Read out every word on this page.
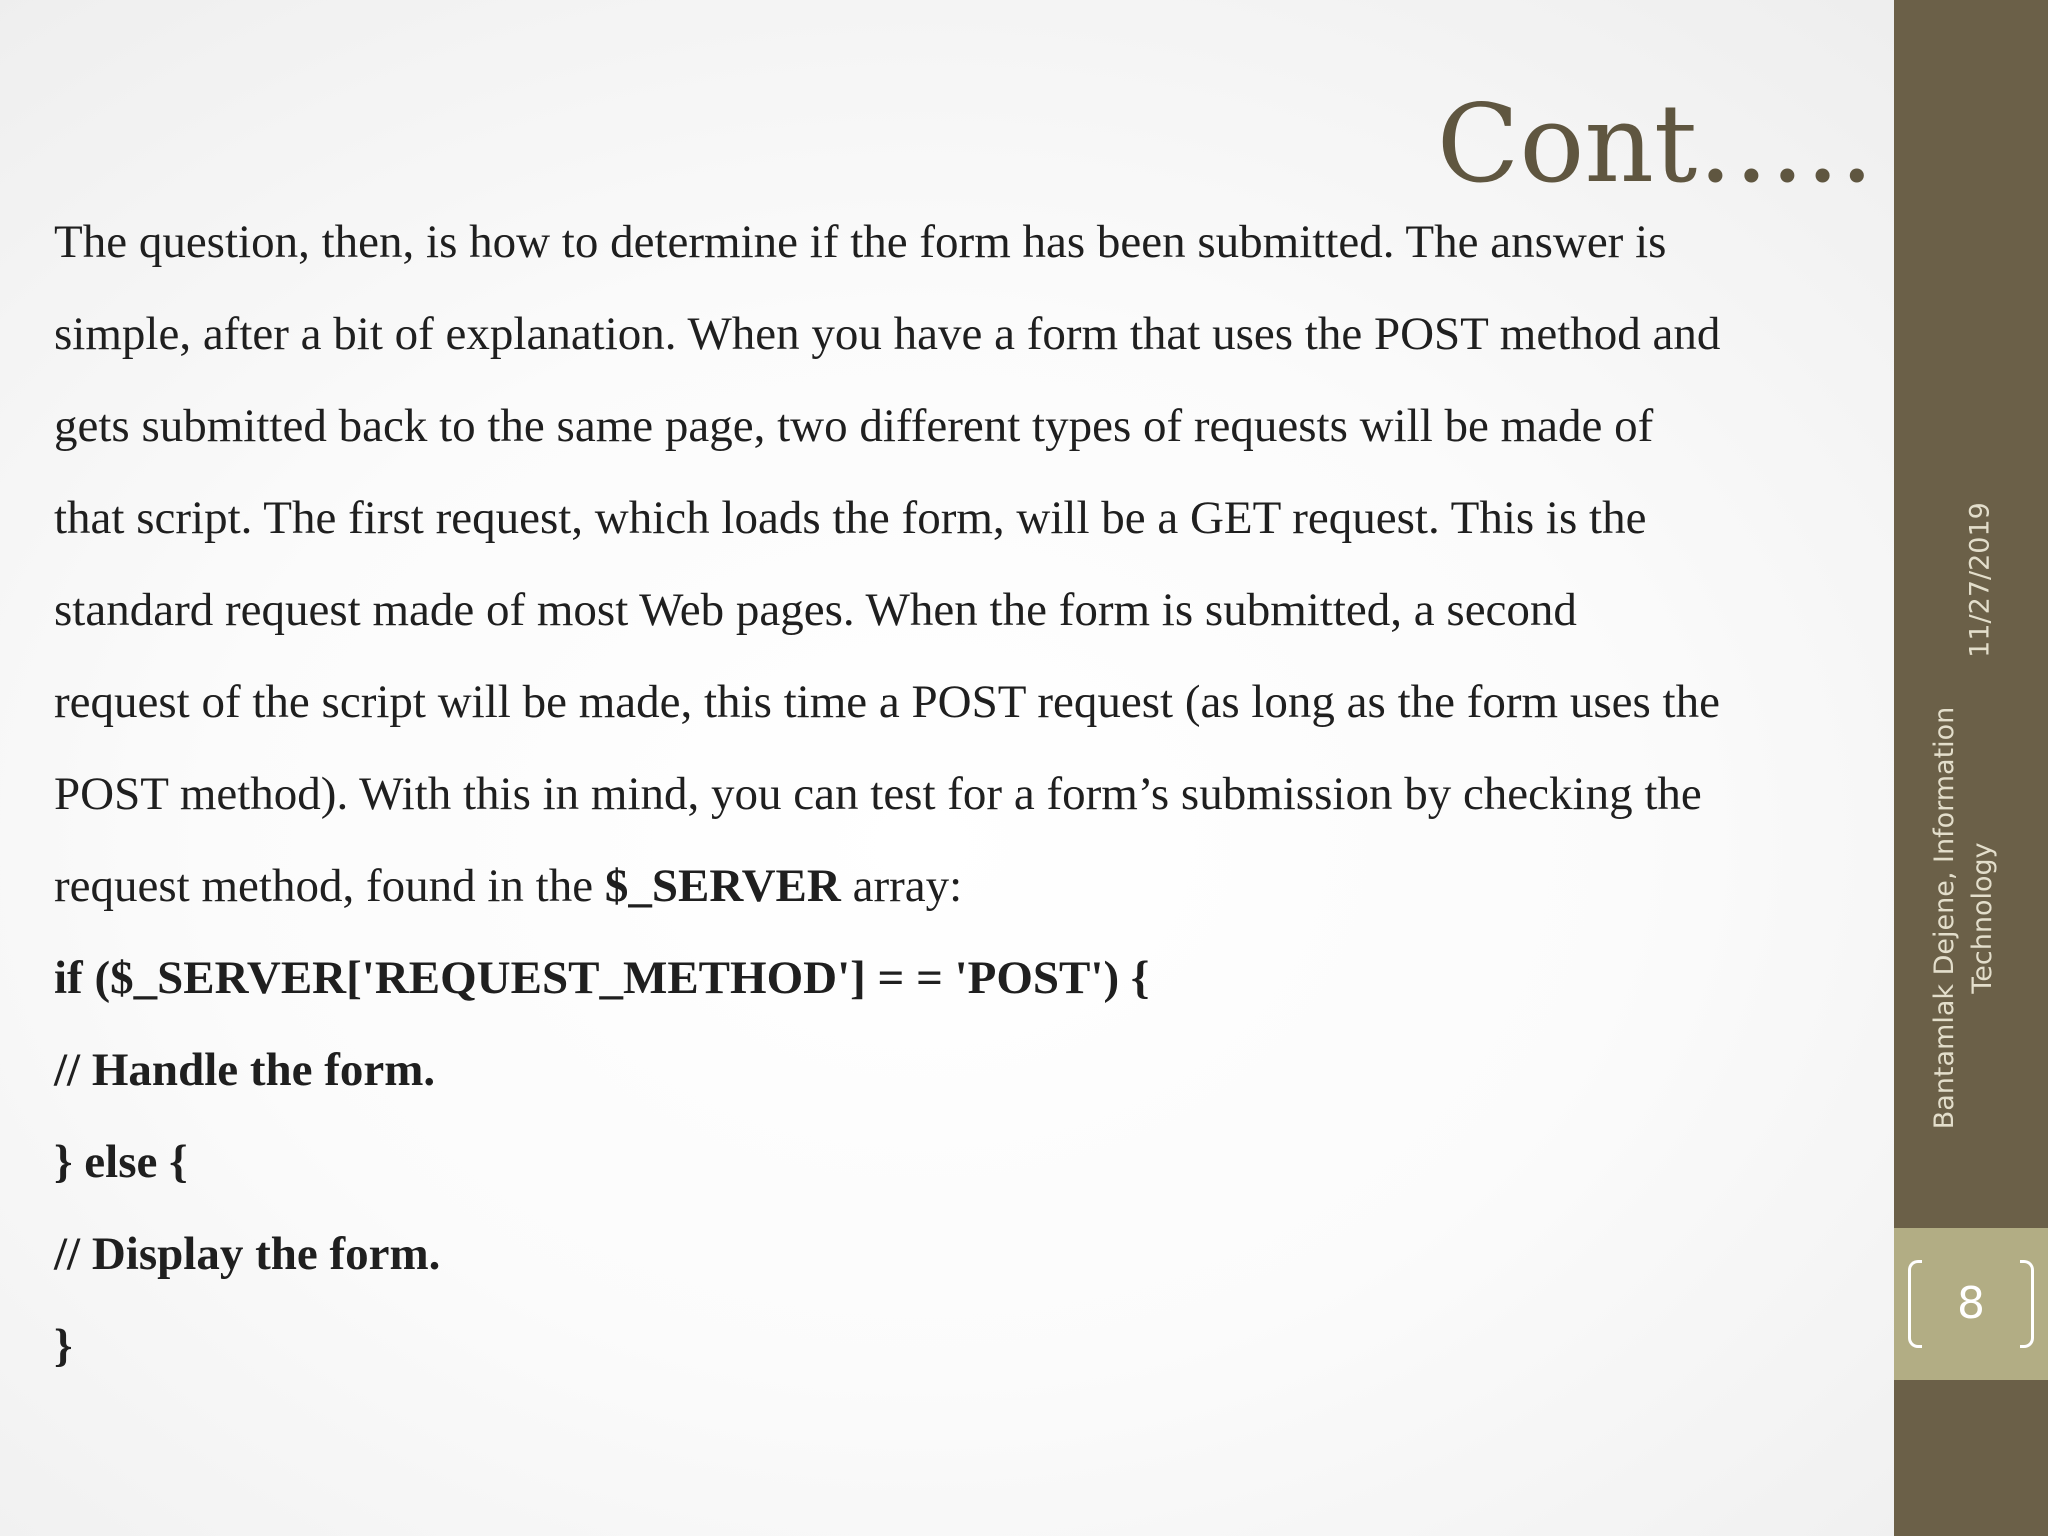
8
11/27/2019
Bantamlak Dejene, Information Technology
Cont…..
The question, then, is how to determine if the form has been submitted. The answer is
simple, after a bit of explanation. When you have a form that uses the POST method and
gets submitted back to the same page, two different types of requests will be made of
that script. The first request, which loads the form, will be a GET request. This is the
standard request made of most Web pages. When the form is submitted, a second
request of the script will be made, this time a POST request (as long as the form uses the
POST method). With this in mind, you can test for a form’s submission by checking the
request method, found in the $_SERVER array:
if ($_SERVER['REQUEST_METHOD'] = = 'POST') {
// Handle the form.
} else {
// Display the form.
}
